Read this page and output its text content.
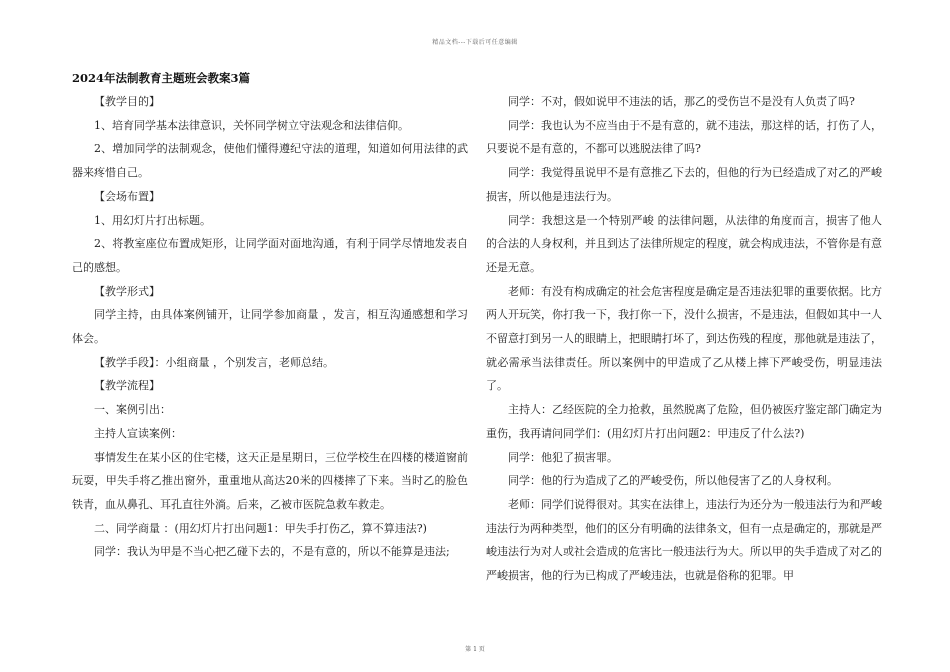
精品文档---下载后可任意编辑
2024年法制教育主题班会教案3篇

【教学目的】

1、培育同学基本法律意识，关怀同学树立守法观念和法律信仰。

2、增加同学的法制观念，使他们懂得遵纪守法的道理，知道如何用法律的武器来疼惜自己。

【会场布置】

1、用幻灯片打出标题。

2、将教室座位布置成矩形，让同学面对面地沟通，有利于同学尽情地发表自己的感想。

【教学形式】

同学主持，由具体案例铺开，让同学参加商量 ，发言，相互沟通感想和学习体会。

【教学手段】：小组商量 ，个别发言，老师总结。

【教学流程】

一、案例引出：

主持人宣读案例：

事情发生在某小区的住宅楼，这天正是星期日，三位学校生在四楼的楼道窗前玩耍，甲失手将乙推出窗外，重重地从高达20米的四楼摔了下来。当时乙的脸色铁青，血从鼻孔、耳孔直往外淌。后来，乙被市医院急救车救走。

二、同学商量 ：(用幻灯片打出问题1：甲失手打伤乙，算不算违法?)

同学：我认为甲是不当心把乙碰下去的，不是有意的，所以不能算是违法;

同学：不对，假如说甲不违法的话，那乙的受伤岂不是没有人负责了吗?

同学：我也认为不应当由于不是有意的，就不违法，那这样的话，打伤了人，只要说不是有意的，不都可以逃脱法律了吗?

同学：我觉得虽说甲不是有意推乙下去的，但他的行为已经造成了对乙的严峻损害，所以他是违法行为。

同学：我想这是一个特别严峻 的法律问题，从法律的角度而言，损害了他人的合法的人身权利，并且到达了法律所规定的程度，就会构成违法，不管你是有意还是无意。

老师：有没有构成确定的社会危害程度是确定是否违法犯罪的重要依据。比方两人开玩笑，你打我一下，我打你一下，没什么损害，不是违法，但假如其中一人不留意打到另一人的眼睛上，把眼睛打坏了，到达伤残的程度，那他就是违法了，就必需承当法律责任。所以案例中的甲造成了乙从楼上摔下严峻受伤，明显违法了。

主持人：乙经医院的全力抢救，虽然脱离了危险，但仍被医疗鉴定部门确定为重伤，我再请问同学们：(用幻灯片打出问题2：甲违反了什么法?)

同学：他犯了损害罪。

同学：他的行为造成了乙的严峻受伤，所以他侵害了乙的人身权利。

老师：同学们说得很对。其实在法律上，违法行为还分为一般违法行为和严峻违法行为两种类型，他们的区分有明确的法律条文，但有一点是确定的，那就是严峻违法行为对人或社会造成的危害比一般违法行为大。所以甲的失手造成了对乙的严峻损害，他的行为已构成了严峻违法，也就是俗称的犯罪。甲

第 1 页
